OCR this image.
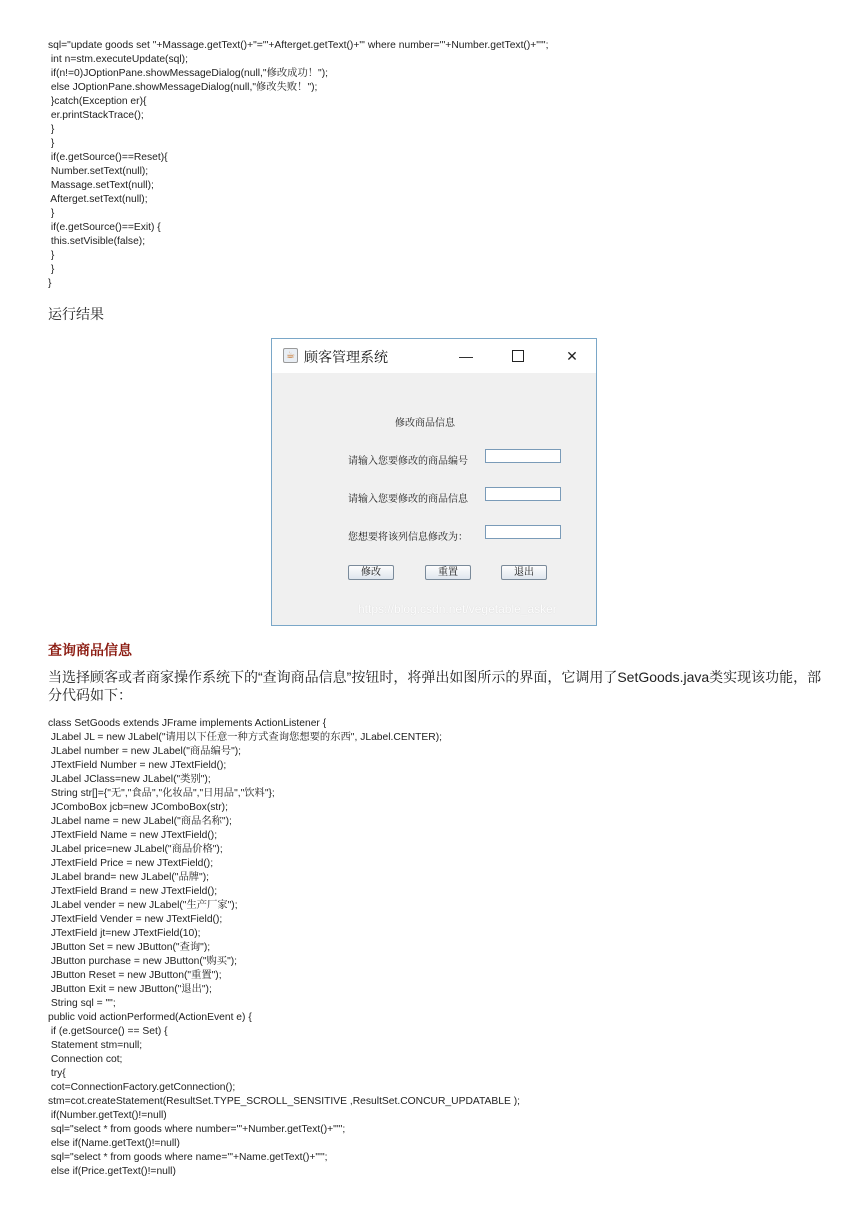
sql="update goods set "+Massage.getText()+"='"+Afterget.getText()+"' where number='"+Number.getText()+"'";
int n=stm.executeUpdate(sql);
if(n!=0)JOptionPane.showMessageDialog(null,"修改成功！");
else JOptionPane.showMessageDialog(null,"修改失败！");
}catch(Exception er){
er.printStackTrace();
}
}
if(e.getSource()==Reset){
Number.setText(null);
Massage.setText(null);
Afterget.setText(null);
}
if(e.getSource()==Exit) {
this.setVisible(false);
}
}
}
运行结果
☕ 顾客管理系统	—	✕
修改商品信息
请输入您要修改的商品编号
请输入您要修改的商品信息
您想要将该列信息修改为：
修改	重置	退出
https://blog.csdn.net/vegetable_asker
查询商品信息
当选择顾客或者商家操作系统下的“查询商品信息”按钮时，将弹出如图所示的界面，它调用了SetGoods.java类实现该功能，部分代码如下：
class SetGoods extends JFrame implements ActionListener {
JLabel JL = new JLabel("请用以下任意一种方式查询您想要的东西", JLabel.CENTER);
JLabel number = new JLabel("商品编号");
JTextField Number = new JTextField();
JLabel JClass=new JLabel("类别");
String str[]={"无","食品","化妆品","日用品","饮料"};
JComboBox jcb=new JComboBox(str);
JLabel name = new JLabel("商品名称");
JTextField Name = new JTextField();
JLabel price=new JLabel("商品价格");
JTextField Price = new JTextField();
JLabel brand= new JLabel("品牌");
JTextField Brand = new JTextField();
JLabel vender = new JLabel("生产厂家");
JTextField Vender = new JTextField();
JTextField jt=new JTextField(10);
JButton Set = new JButton("查询");
JButton purchase = new JButton("购买");
JButton Reset = new JButton("重置");
JButton Exit = new JButton("退出");
String sql = "";
public void actionPerformed(ActionEvent e) {
if (e.getSource() == Set) {
Statement stm=null;
Connection cot;
try{
cot=ConnectionFactory.getConnection();
stm=cot.createStatement(ResultSet.TYPE_SCROLL_SENSITIVE ,ResultSet.CONCUR_UPDATABLE );
if(Number.getText()!=null)
sql="select * from goods where number='"+Number.getText()+"'";
else if(Name.getText()!=null)
sql="select * from goods where name='"+Name.getText()+"'";
else if(Price.getText()!=null)
